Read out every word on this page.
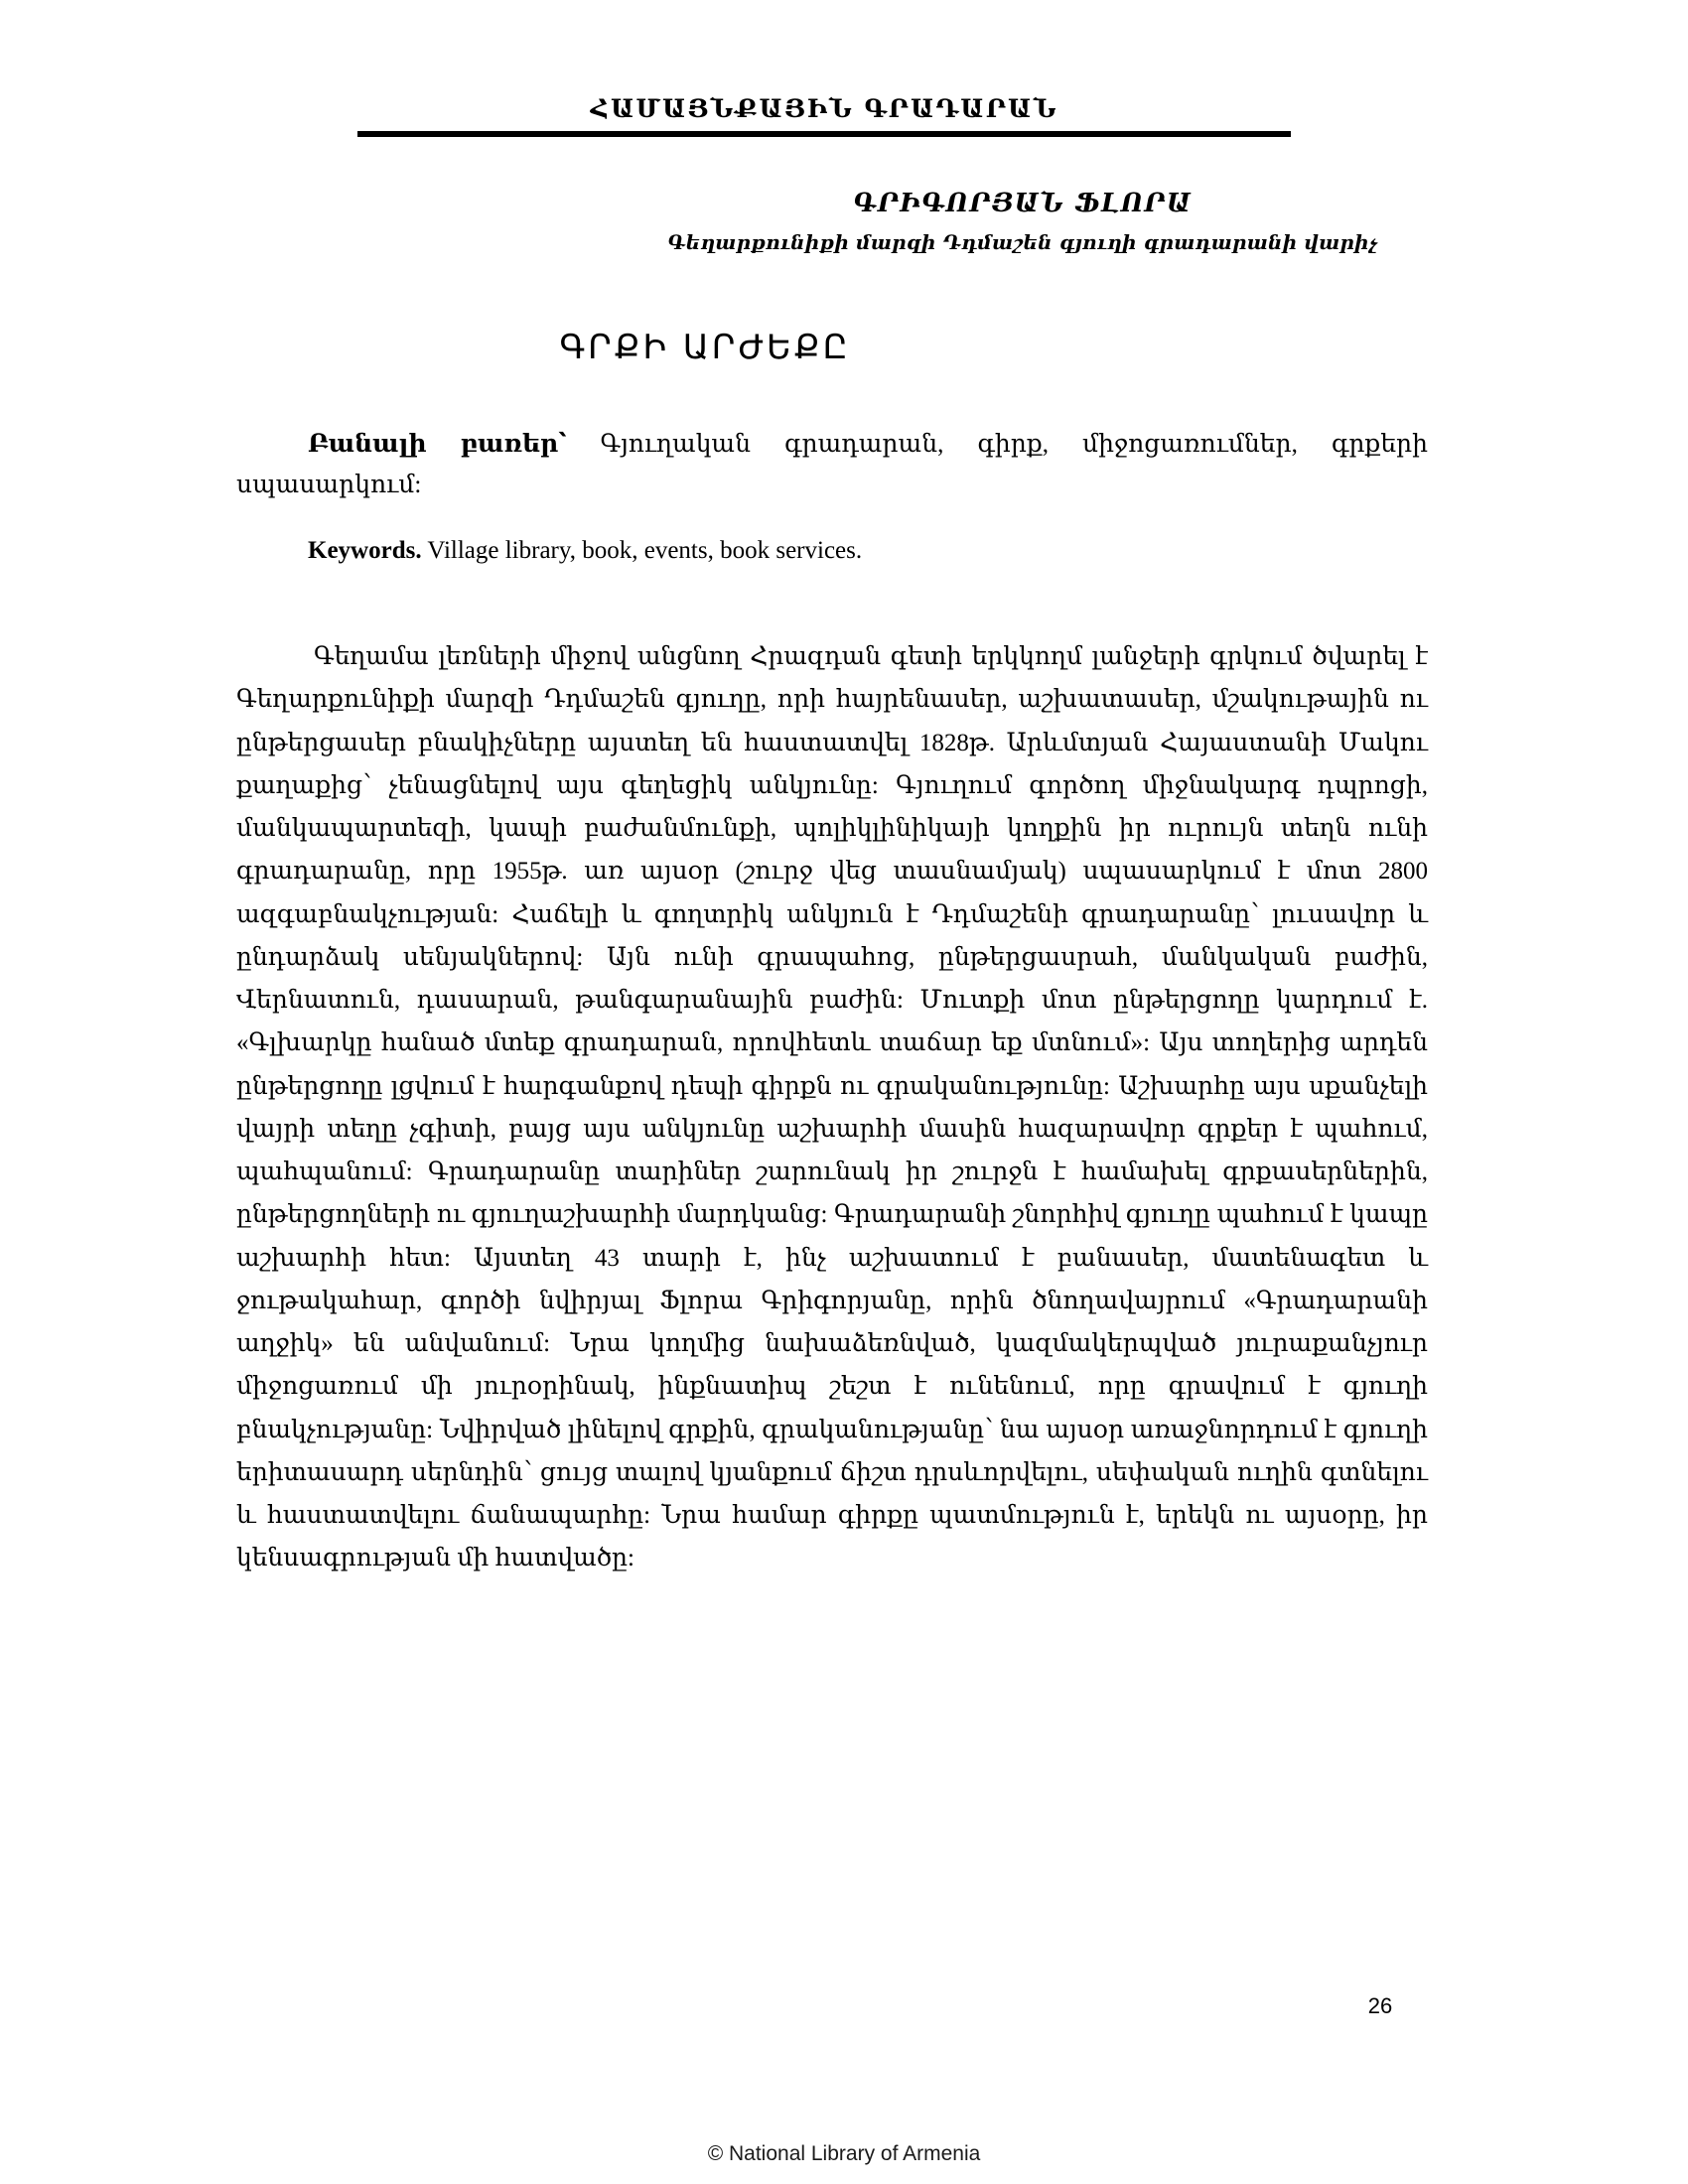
ՀԱՄԱՅՆՔԱՅԻՆ ԳՐԱԴԱՐԱՆ
ԳՐԻԳՈՐՅԱՆ ՖԼՈՐԱ
Գեղարքունիքի մարզի Դդմաշեն գյուղի գրադարանի վարիչ
ԳՐՔԻ ԱՐԺԵՔԸ
Բանալի բառեր՝ Գյուղական գրադարան, գիրք, միջոցառումներ, գրքերի սպասարկում:
Keywords. Village library, book, events, book services.
Գեղամա լեռների միջով անցնող Հրազդան գետի երկկողմ լանջերի գրկում ծվարել է Գեղարքունիքի մարզի Դդմաշեն գյուղը, որի հայրենասեր, աշխատասեր, մշակութային ու ընթերցասեր բնակիչները այստեղ են հաստատվել 1828թ. Արևմտյան Հայաստանի Մակու քաղաքից՝ չենացնելով այս գեղեցիկ անկյունը: Գյուղում գործող միջնակարգ դպրոցի, մանկապարտեզի, կապի բաժանմունքի, պոլիկլինիկայի կողքին իր ուրույն տեղն ունի գրադարանը, որը 1955թ. առ այսօր (շուրջ վեց տասնամյակ) սպասարկում է մոտ 2800 ազգաբնակչության: Հաճելի և գողտրիկ անկյուն է Դդմաշենի գրադարանը՝ լուսավոր և ընդարձակ սենյակներով: Այն ունի գրապահոց, ընթերցասրահ, մանկական բաժին, Վերնատուն, դասարան, թանգարանային բաժին: Մուտքի մոտ ընթերցողը կարդում է. «Գլխարկը հանած մտեք գրադարան, որովհետև տաճար եք մտնում»: Այս տողերից արդեն ընթերցողը լցվում է հարգանքով դեպի գիրքն ու գրականությունը: Աշխարհը այս սքանչելի վայրի տեղը չգիտի, բայց այս անկյունը աշխարհի մասին հազարավոր գրքեր է պահում, պահպանում: Գրադարանը տարիներ շարունակ իր շուրջն է համախել գրքասերներին, ընթերցողների ու գյուղաշխարհի մարդկանց: Գրադարանի շնորհիվ գյուղը պահում է կապը աշխարհի հետ: Այստեղ 43 տարի է, ինչ աշխատում է բանասեր, մատենագետ և ջութակահար, գործի նվիրյալ Ֆլորա Գրիգորյանը, որին ծնողավայրում «Գրադարանի աղջիկ» են անվանում: Նրա կողմից նախաձեռնված, կազմակերպված յուրաքանչյուր միջոցառում մի յուրօրինակ, ինքնատիպ շեշտ է ունենում, որը գրավում է գյուղի բնակչությանը: Նվիրված լինելով գրքին, գրականությանը՝ նա այսօր առաջնորդում է գյուղի երիտասարդ սերնդին՝ ցույց տալով կյանքում ճիշտ դրսևորվելու, սեփական ուղին գտնելու և հաստատվելու ճանապարհը: Նրա համար գիրքը պատմություն է, երեկն ու այսօրը, իր կենսագրության մի հատվածը:
26
© National Library of Armenia
